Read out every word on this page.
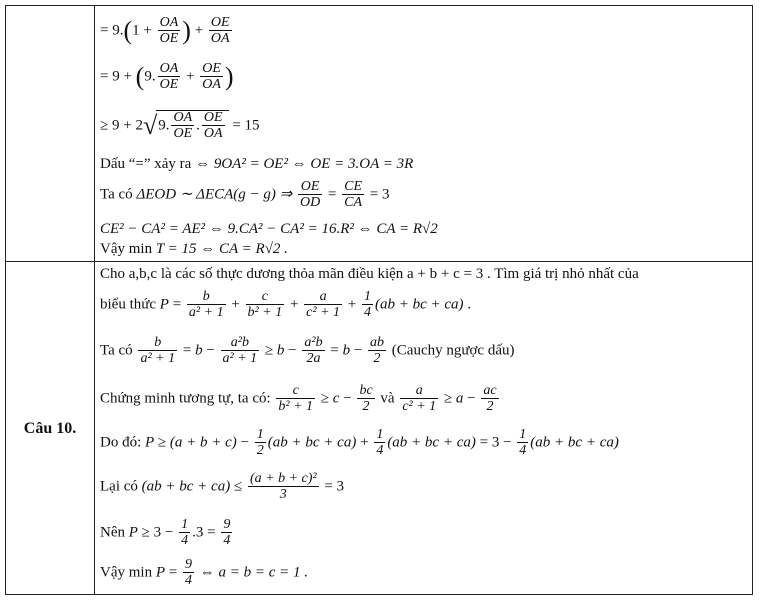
Câu 10.
= $9.(1 + \frac{OA}{OE}$ ) + $\frac{OE}{OA}$
= 9 + (9. $\frac{OA}{OE} + \frac{OE}{OA}$ )
≥ 9 + 2√9. $\frac{OA}{OE}$ . $\frac{OE}{OA} = 15$
Dấu “=” xảy ra ⇔ 9OA² = OE² ⇔ OE = 3.OA = 3R
Ta có ΔEOD ∼ ΔECA(g − g) ⇒ $\frac{OE}{OD} = \frac{CE}{CA} = 3$
CE² − CA² = AE² ⇔ 9.CA² − CA² = 16.R² ⇔ CA = R√2
Vậy min T = 15 ⇔ CA = R√2 .
Cho a,b,c là các số thực dương thỏa mãn điều kiện a + b + c = 3 . Tìm giá trị nhỏ nhất của
biểu thức $P = \frac{b}{\text{a² + 1}} + \frac{c}{\text{b² + 1}} + \frac{a}{\text{c² + 1}} + \frac{1}{4} (ab$ + bc + ca) .
Ta có $\frac{b}{\text{a² + 1}} = b - \frac{\text{a²b}}{\text{a² + 1}} \ge b - \frac{\text{a²b}}{2a} = b - \frac{ab}{2}$ (Cauchy ngược dấu)
Chứng minh tương tự, ta có: $\frac{c}{\text{b² + 1}} \ge c - \frac{bc}{2}$ và $\frac{a}{\text{c² + 1}} \ge a - \frac{ac}{2}$
Do đó: $P \ge (a + b + c) - \frac{1}{2} (ab$ + bc + $ca) + \frac{1}{4} (ab$ + bc + $ca) = 3 - \frac{1}{4} (ab$ + bc + ca)
Lại có (ab + bc + $ca) \le \frac{\text{(a + b + c)²}}{3} = 3$
Nên $P \ge 3 - \frac{1}{4} .3 = \frac{9}{4}$
Vậy $\min P = \frac{9}{4}$ ⇔ a = b = c = 1 .
